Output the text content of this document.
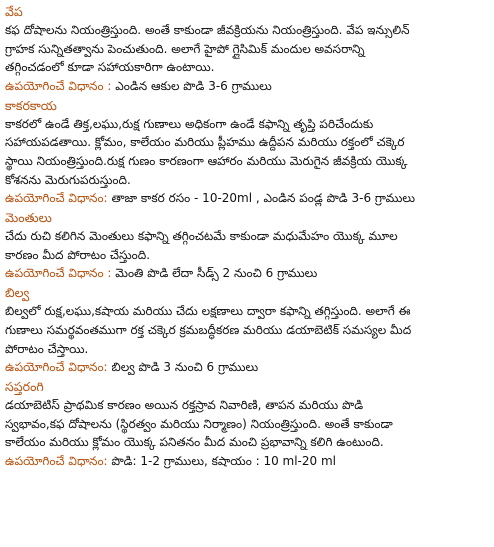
వేప

కఫ దోషాలను నియంత్రిస్తుంది. అంతే కాకుండా జీవక్రియను నియంత్రిస్తుంది. వేప ఇన్సులిన్
గ్రాహక సున్నితత్వాను పెంచుతుంది. అలాగే హైపో గ్లైసిమిక్ మందుల అవసరాన్ని
తగ్గించడంలో కూడా సహాయకారిగా ఉంటాయి.

ఉపయోగించే విధానం : ఎండిన ఆకుల పొడి 3-6 గ్రాములు

కాకరకాయ

కాకరలో ఉండే తిక్త,లఘు,రుక్ష గుణాలు అధికంగా ఉండే కఫాన్ని తృప్తి పరిచేందుకు
సహాయపడతాయి. క్లోమం, కాలేయం మరియు ప్లీహము ఉద్దీపన మరియు రక్తంలో చక్కెర
స్థాయి నియంత్రిస్తుంది.రుక్ష గుణం కారణంగా ఆహారం మరియు మెరుగైన జీవక్రియ యొక్క
కోశనను మెరుగుపరుస్తుంది.

ఉపయోగించే విధానం: తాజా కాకర రసం - 10-20ml , ఎండిన పండ్ల పొడి 3-6 గ్రాములు

మెంతులు

చేదు రుచి కలిగిన మెంతులు కఫాన్ని తగ్గించటమే కాకుండా మధుమేహం యొక్క మూల
కారణం మీద పోరాటం చేస్తుంది.

ఉపయోగించే విధానం : మెంతి పొడి లేదా సీడ్స్ 2 నుంచి 6 గ్రాములు

బిల్వ

బిల్వలో రుక్ష,లఘు,కషాయ మరియు చేదు లక్షణాలు ద్వారా కఫాన్ని తగ్గిస్తుంది. అలాగే ఈ
గుణాలు సమర్థవంతముగా రక్త చక్కెర క్రమబద్ధీకరణ మరియు డయాబెటిక్ సమస్యల మీద
పోరాటం చేస్తాయి.

ఉపయోగించే విధానం: బిల్వ పొడి 3 నుంచి 6 గ్రాములు

సప్తరంగి

డయాబెటిస్ ప్రాథమిక కారణం అయిన రక్తస్రావ నివారిణి, తాపన మరియు పొడి
స్వభావం,కఫ దోషాలను (స్థిరత్వం మరియు నిర్మాణం) నియంత్రిస్తుంది. అంతే కాకుండా
కాలేయం మరియు క్లోమం యొక్క పనితనం మీద మంచి ప్రభావాన్ని కలిగి ఉంటుంది.

ఉపయోగించే విధానం: పొడి: 1-2 గ్రాములు, కషాయం : 10 ml-20 ml
